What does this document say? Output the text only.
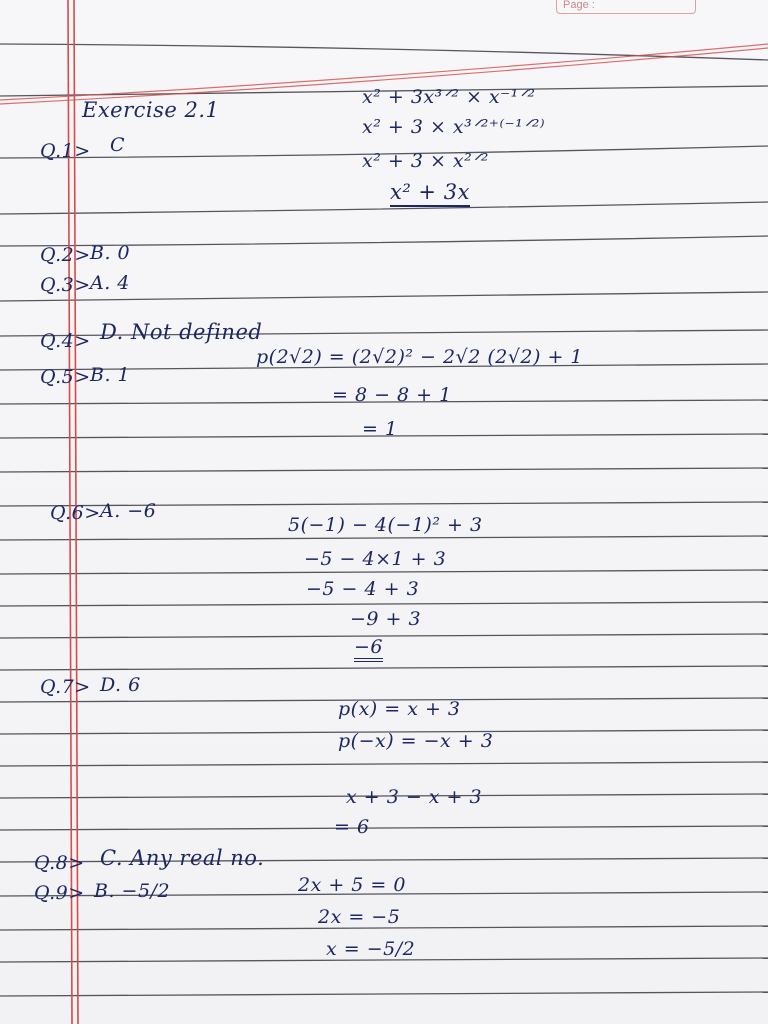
Page :
Exercise 2.1
Q.1> C
x² + 3x³ᐟ² × x⁻¹ᐟ²
x² + 3 × x³ᐟ²⁺⁽⁻¹ᐟ²⁾
x² + 3 × x²ᐟ²
x² + 3x
Q.2> B. 0
Q.3> A. 4
Q.4> D. Not defined
Q.5> B. 1
p(2√2) = (2√2)² − 2√2 (2√2) + 1
= 8 − 8 + 1
= 1
Q.6> A. −6
5(−1) − 4(−1)² + 3
−5 − 4×1 + 3
−5 − 4 + 3
−9 + 3
−6
Q.7> D. 6
p(x) = x + 3
p(−x) = −x + 3
x + 3 − x + 3
= 6
Q.8> C. Any real no.
Q.9> B. −5/2	2x + 5 = 0
2x = −5
x = −5/2
